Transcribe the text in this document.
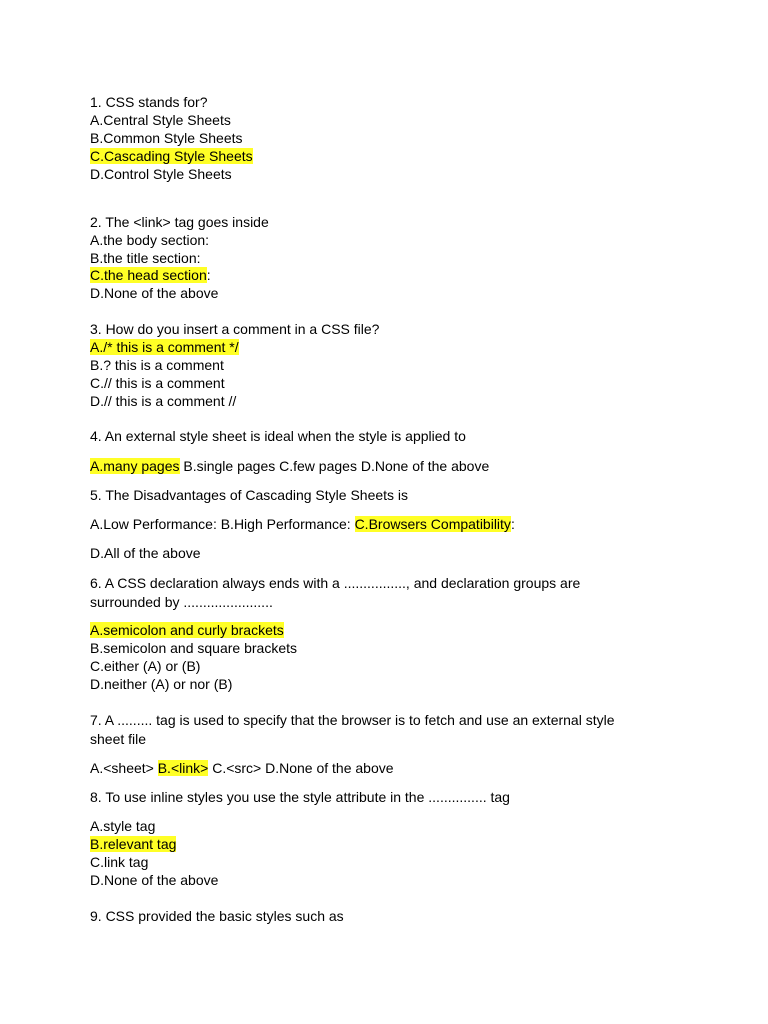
1. CSS stands for?
A.Central Style Sheets
B.Common Style Sheets
C.Cascading Style Sheets
D.Control Style Sheets
2. The <link> tag goes inside
A.the body section:
B.the title section:
C.the head section:
D.None of the above
3. How do you insert a comment in a CSS file?
A./* this is a comment */
B.? this is a comment
C.// this is a comment
D.// this is a comment //
4. An external style sheet is ideal when the style is applied to
A.many pages B.single pages C.few pages D.None of the above
5. The Disadvantages of Cascading Style Sheets is
A.Low Performance: B.High Performance: C.Browsers Compatibility:
D.All of the above
6. A CSS declaration always ends with a ................, and declaration groups are
surrounded by .......................
A.semicolon and curly brackets
B.semicolon and square brackets
C.either (A) or (B)
D.neither (A) or nor (B)
7. A ......... tag is used to specify that the browser is to fetch and use an external style
sheet file
A.<sheet> B.<link> C.<src> D.None of the above
8. To use inline styles you use the style attribute in the ............... tag
A.style tag
B.relevant tag
C.link tag
D.None of the above
9. CSS provided the basic styles such as
